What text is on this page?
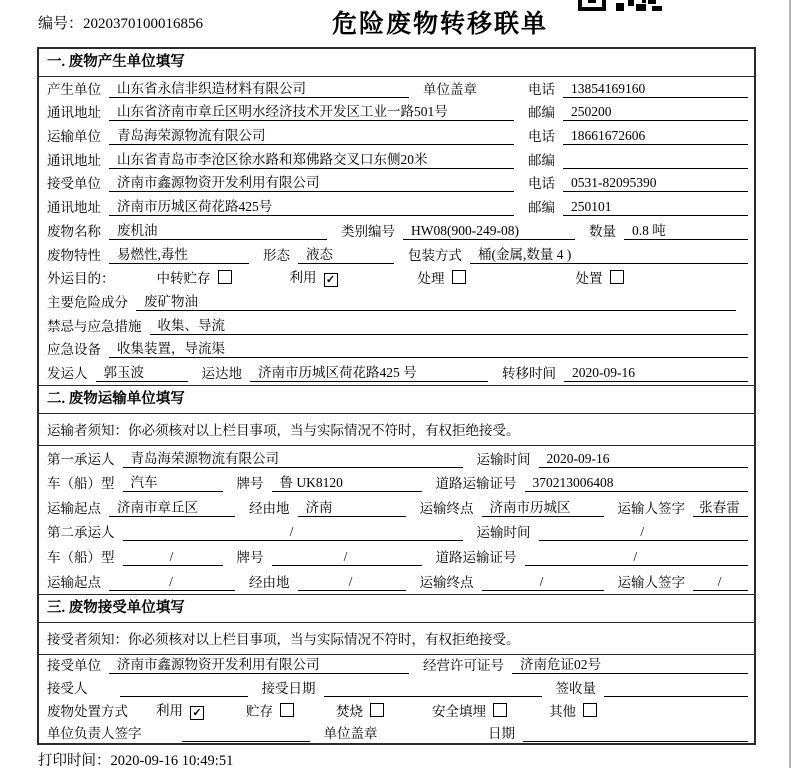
编号：2020370100016856	危险废物转移联单
一. 废物产生单位填写
产生单位	山东省永信非织造材料有限公司	单位盖章	电话	13854169160
通讯地址	山东省济南市章丘区明水经济技术开发区工业一路501号	邮编	250200
运输单位	青岛海荣源物流有限公司	电话	18661672606
通讯地址	山东省青岛市李沧区徐水路和郑佛路交叉口东侧20米	邮编
接受单位	济南市鑫源物资开发利用有限公司	电话	0531-82095390
通讯地址	济南市历城区荷花路425号	邮编	250101
废物名称	废机油	类别编号	HW08(900-249-08)	数量	0.8 吨
废物特性	易燃性,毒性	形态	液态	包装方式	桶(金属,数量 4 )
外运目的：	中转贮存	利用 ✓	处理	处置
主要危险成分	废矿物油
禁忌与应急措施	收集、导流
应急设备	收集装置，导流渠
发运人	郭玉波	运达地	济南市历城区荷花路425 号	转移时间	2020-09-16
二. 废物运输单位填写
运输者须知：你必须核对以上栏目事项，当与实际情况不符时，有权拒绝接受。
第一承运人	青岛海荣源物流有限公司	运输时间	2020-09-16
车（船）型	汽车	牌号	鲁 UK8120	道路运输证号	370213006408
运输起点	济南市章丘区	经由地	济南	运输终点	济南市历城区	运输人签字	张春雷
第二承运人	/	运输时间	/
车（船）型	/	牌号	/	道路运输证号	/
运输起点	/	经由地	/	运输终点	/	运输人签字	/
三. 废物接受单位填写
接受者须知：你必须核对以上栏目事项，当与实际情况不符时，有权拒绝接受。
接受单位	济南市鑫源物资开发利用有限公司	经营许可证号	济南危证02号
接受人	接受日期	签收量
废物处置方式 利用 ✓	贮存	焚烧	安全填埋	其他
单位负责人签字	单位盖章	日期
打印时间：2020-09-16 10:49:51
